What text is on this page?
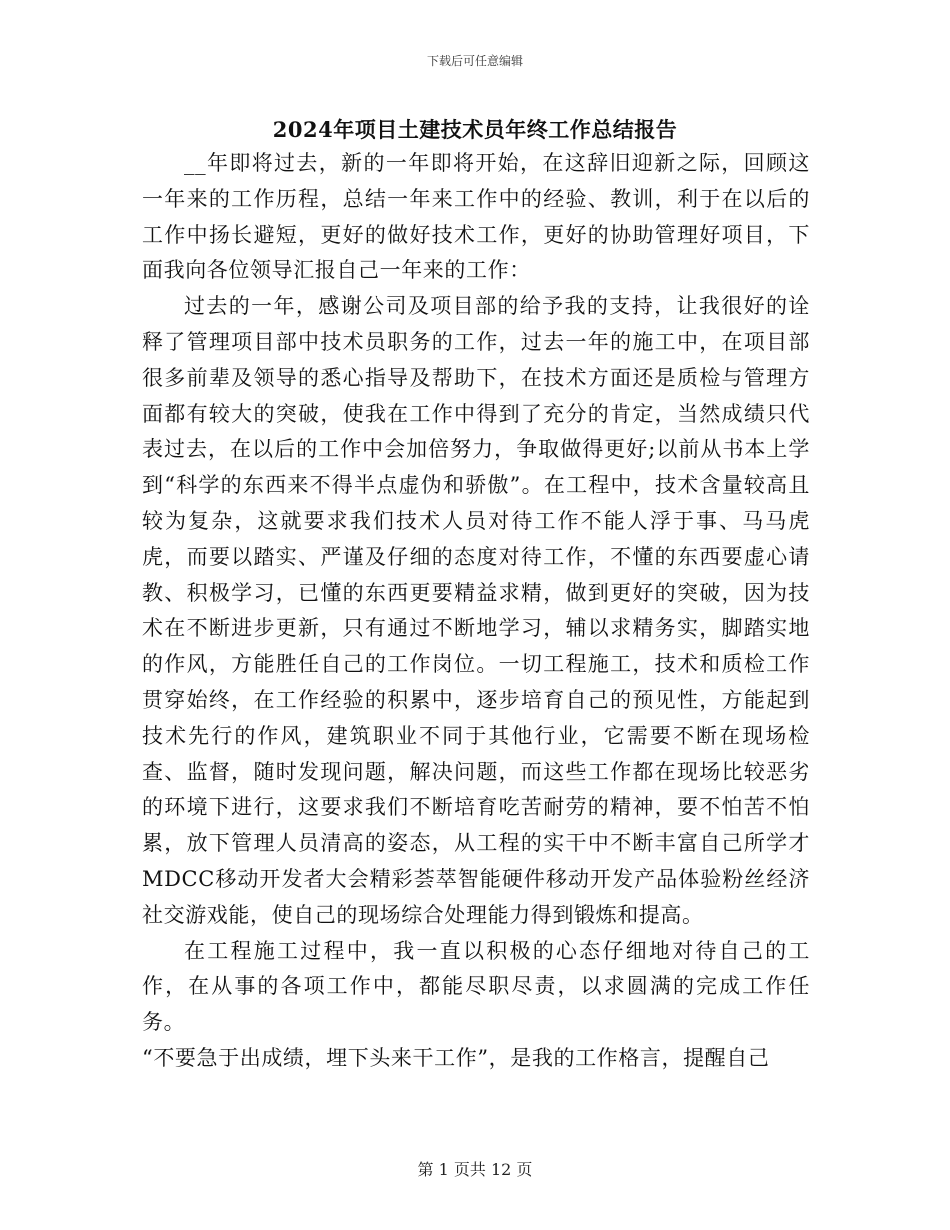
下载后可任意编辑
2024年项目土建技术员年终工作总结报告

__年即将过去，新的一年即将开始，在这辞旧迎新之际，回顾这一年来的工作历程，总结一年来工作中的经验、教训，利于在以后的工作中扬长避短，更好的做好技术工作，更好的协助管理好项目，下面我向各位领导汇报自己一年来的工作：

过去的一年，感谢公司及项目部的给予我的支持，让我很好的诠释了管理项目部中技术员职务的工作，过去一年的施工中，在项目部很多前辈及领导的悉心指导及帮助下，在技术方面还是质检与管理方面都有较大的突破，使我在工作中得到了充分的肯定，当然成绩只代表过去，在以后的工作中会加倍努力，争取做得更好;以前从书本上学到“科学的东西来不得半点虚伪和骄傲”。在工程中，技术含量较高且较为复杂，这就要求我们技术人员对待工作不能人浮于事、马马虎虎，而要以踏实、严谨及仔细的态度对待工作，不懂的东西要虚心请教、积极学习，已懂的东西更要精益求精，做到更好的突破，因为技术在不断进步更新，只有通过不断地学习，辅以求精务实，脚踏实地的作风，方能胜任自己的工作岗位。一切工程施工，技术和质检工作贯穿始终，在工作经验的积累中，逐步培育自己的预见性，方能起到技术先行的作风，建筑职业不同于其他行业，它需要不断在现场检查、监督，随时发现问题，解决问题，而这些工作都在现场比较恶劣的环境下进行，这要求我们不断培育吃苦耐劳的精神，要不怕苦不怕累，放下管理人员清高的姿态，从工程的实干中不断丰富自己所学才MDCC移动开发者大会精彩荟萃智能硬件移动开发产品体验粉丝经济社交游戏能，使自己的现场综合处理能力得到锻炼和提高。

在工程施工过程中，我一直以积极的心态仔细地对待自己的工作，在从事的各项工作中，都能尽职尽责，以求圆满的完成工作任务。

“不要急于出成绩，埋下头来干工作”，是我的工作格言，提醒自己

第 1 页共 12 页
